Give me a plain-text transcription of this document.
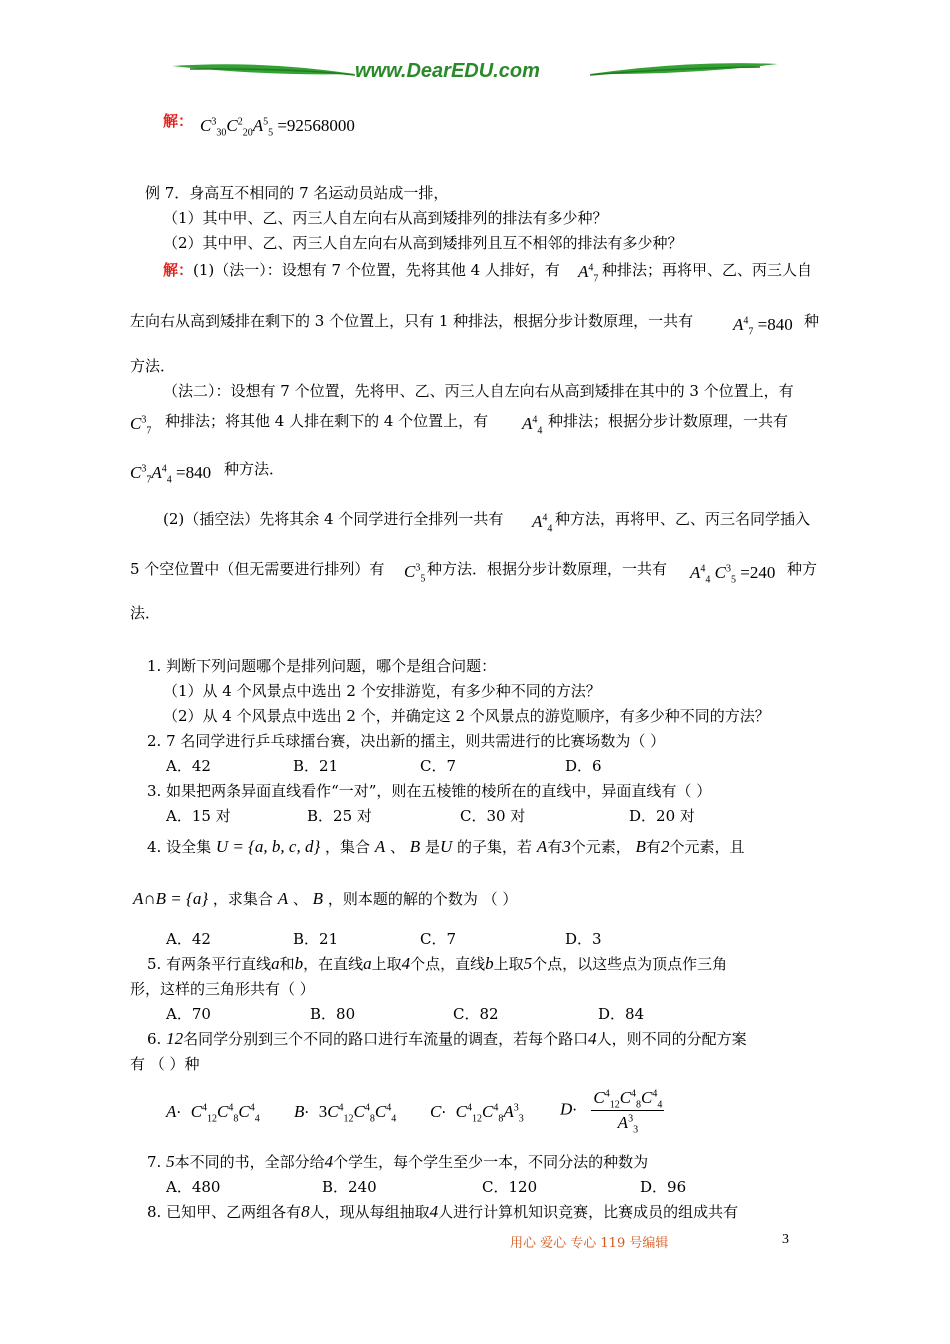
www.DearEDU.com
解： $C^3_{30}C^2_{20}A^5_5 =92568000$
例 7．身高互不相同的 7 名运动员站成一排，
（1）其中甲、乙、丙三人自左向右从高到矮排列的排法有多少种？
（2）其中甲、乙、丙三人自左向右从高到矮排列且互不相邻的排法有多少种？
解：(1)（法一）：设想有 7 个位置，先将其他 4 人排好，有 $A^4_7$ 种排法；再将甲、乙、丙三人自
左向右从高到矮排在剩下的 3 个位置上，只有 1 种排法，根据分步计数原理，一共有 $A^4_7 =840$ 种
方法．
（法二）：设想有 7 个位置，先将甲、乙、丙三人自左向右从高到矮排在其中的 3 个位置上，有
$C^3_7$
种排法；将其他 4 人排在剩下的 4 个位置上，有 $A^4_4$
种排法；根据分步计数原理，一共有
$C^3_7A^4_4 =840$ 种方法．
(2)（插空法）先将其余 4 个同学进行全排列一共有 $A^4_4$
种方法，再将甲、乙、丙三名同学插入
5 个空位置中（但无需要进行排列）有 $C^3_5$
种方法．根据分步计数原理，一共有 $A^4_4$ $C^3_5 =240$ 种方
法．
1. 判断下列问题哪个是排列问题，哪个是组合问题：
（1）从 4 个风景点中选出 2 个安排游览，有多少种不同的方法？
（2）从 4 个风景点中选出 2 个，并确定这 2 个风景点的游览顺序，有多少种不同的方法？
2. 7 名同学进行乒乓球擂台赛，决出新的擂主，则共需进行的比赛场数为（ ）
A．42	B．21	C．7	D．6
3. 如果把两条异面直线看作“一对”，则在五棱锥的棱所在的直线中，异面直线有（ ）
A．15 对	B．25 对	C．30 对	D．20 对
4. 设全集 U = {a, b, c, d} ，集合 A 、 B 是U 的子集，若 A有3个元素， B有2个元素，且
A∩B = {a} ，求集合 A 、 B ，则本题的解的个数为 （ ）
A．42	B．21	C．7	D．3
5. 有两条平行直线a和b，在直线a上取4个点，直线b上取5个点，以这些点为顶点作三角
形，这样的三角形共有（ ）
A．70	B．80	C．82	D．84
6. 12名同学分别到三个不同的路口进行车流量的调查，若每个路口4人，则不同的分配方案
有 （ ）种
$A\cdot C^4_{12}C^4_8C^4_4$ $B\cdot 3C^4_{12}C^4_8C^4_4$ $C\cdot C^4_{12}C^4_8A^3_3$
$D\cdot \frac{C^4_{12}C^4_8C^4_4}{A^3_3}$
7. 5本不同的书，全部分给4个学生，每个学生至少一本，不同分法的种数为
A．480	B．240	C．120	D．96
8. 已知甲、乙两组各有8人，现从每组抽取4人进行计算机知识竞赛，比赛成员的组成共有
用心 爱心 专心 119 号编辑	3
